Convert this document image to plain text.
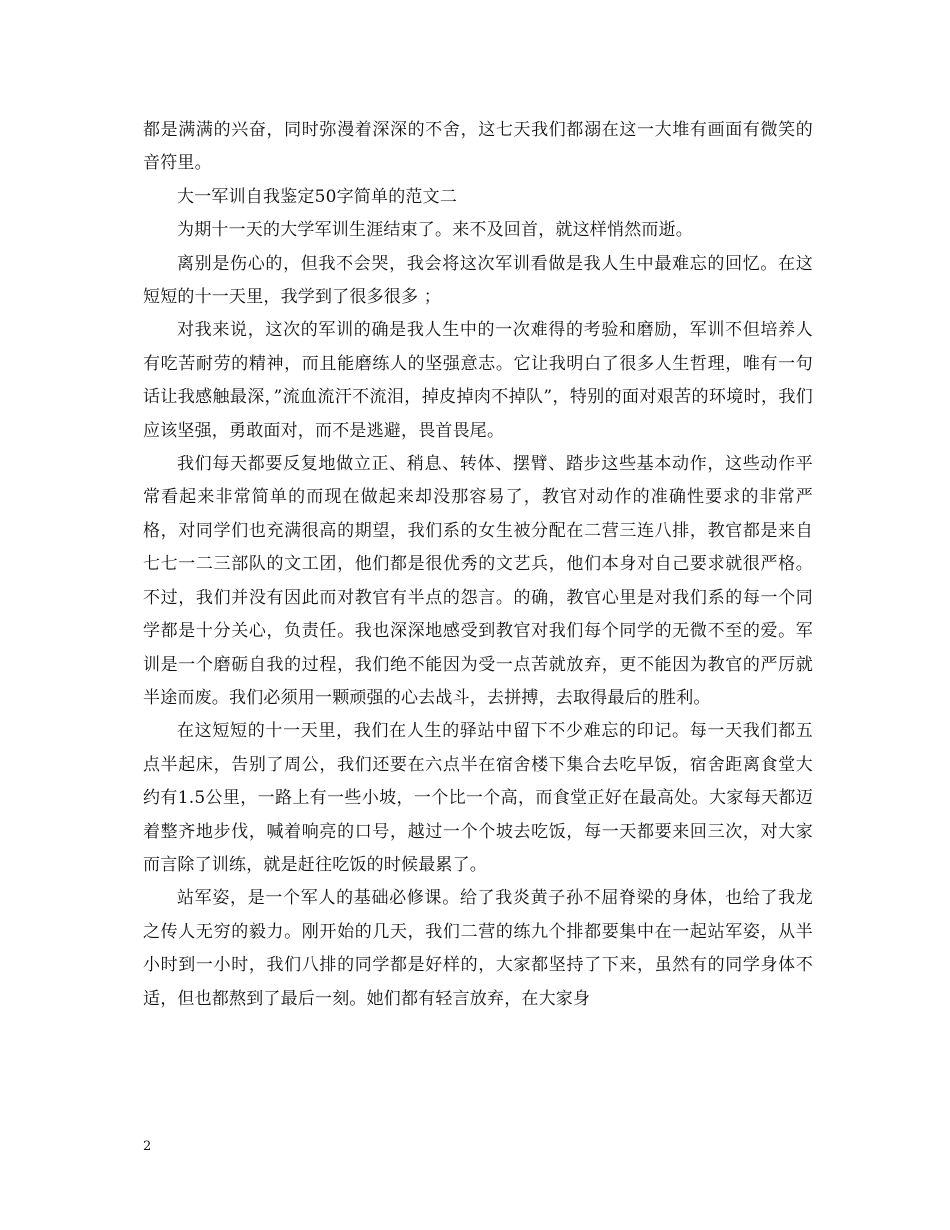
都是满满的兴奋，同时弥漫着深深的不舍，这七天我们都溺在这一大堆有画面有微笑的音符里。

大一军训自我鉴定50字简单的范文二

为期十一天的大学军训生涯结束了。来不及回首，就这样悄然而逝。

离别是伤心的，但我不会哭，我会将这次军训看做是我人生中最难忘的回忆。在这短短的十一天里，我学到了很多很多 ；

对我来说，这次的军训的确是我人生中的一次难得的考验和磨励，军训不但培养人有吃苦耐劳的精神，而且能磨练人的坚强意志。它让我明白了很多人生哲理，唯有一句话让我感触最深，”流血流汗不流泪，掉皮掉肉不掉队”，特别的面对艰苦的环境时，我们应该坚强，勇敢面对，而不是逃避，畏首畏尾。

我们每天都要反复地做立正、稍息、转体、摆臂、踏步这些基本动作，这些动作平常看起来非常简单的而现在做起来却没那容易了，教官对动作的准确性要求的非常严格，对同学们也充满很高的期望，我们系的女生被分配在二营三连八排，教官都是来自七七一二三部队的文工团，他们都是很优秀的文艺兵，他们本身对自己要求就很严格。不过，我们并没有因此而对教官有半点的怨言。的确，教官心里是对我们系的每一个同学都是十分关心，负责任。我也深深地感受到教官对我们每个同学的无微不至的爱。军训是一个磨砺自我的过程，我们绝不能因为受一点苦就放弃，更不能因为教官的严厉就半途而废。我们必须用一颗顽强的心去战斗，去拼搏，去取得最后的胜利。

在这短短的十一天里，我们在人生的驿站中留下不少难忘的印记。每一天我们都五点半起床，告别了周公，我们还要在六点半在宿舍楼下集合去吃早饭，宿舍距离食堂大约有1.5公里，一路上有一些小坡，一个比一个高，而食堂正好在最高处。大家每天都迈着整齐地步伐，喊着响亮的口号，越过一个个坡去吃饭，每一天都要来回三次，对大家而言除了训练，就是赶往吃饭的时候最累了。

站军姿，是一个军人的基础必修课。给了我炎黄子孙不屈脊梁的身体，也给了我龙之传人无穷的毅力。刚开始的几天，我们二营的练九个排都要集中在一起站军姿，从半小时到一小时，我们八排的同学都是好样的，大家都坚持了下来，虽然有的同学身体不适，但也都熬到了最后一刻。她们都有轻言放弃，在大家身

2
